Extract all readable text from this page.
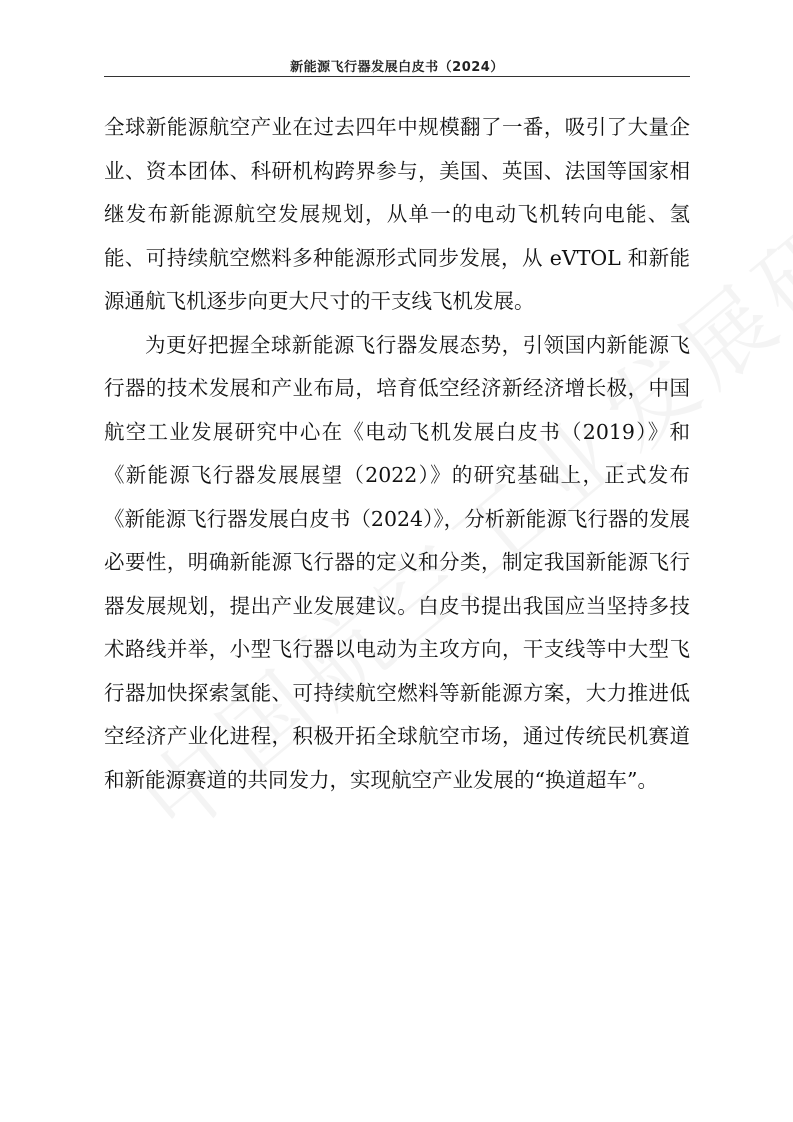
新能源飞行器发展白皮书（2024）

全球新能源航空产业在过去四年中规模翻了一番，吸引了大量企业、资本团体、科研机构跨界参与，美国、英国、法国等国家相继发布新能源航空发展规划，从单一的电动飞机转向电能、氢能、可持续航空燃料多种能源形式同步发展，从 eVTOL 和新能源通航飞机逐步向更大尺寸的干支线飞机发展。

为更好把握全球新能源飞行器发展态势，引领国内新能源飞行器的技术发展和产业布局，培育低空经济新经济增长极，中国航空工业发展研究中心在《电动飞机发展白皮书（2019）》和《新能源飞行器发展展望（2022）》的研究基础上，正式发布《新能源飞行器发展白皮书（2024）》，分析新能源飞行器的发展必要性，明确新能源飞行器的定义和分类，制定我国新能源飞行器发展规划，提出产业发展建议。白皮书提出我国应当坚持多技术路线并举，小型飞行器以电动为主攻方向，干支线等中大型飞行器加快探索氢能、可持续航空燃料等新能源方案，大力推进低空经济产业化进程，积极开拓全球航空市场，通过传统民机赛道和新能源赛道的共同发力，实现航空产业发展的“换道超车”。
